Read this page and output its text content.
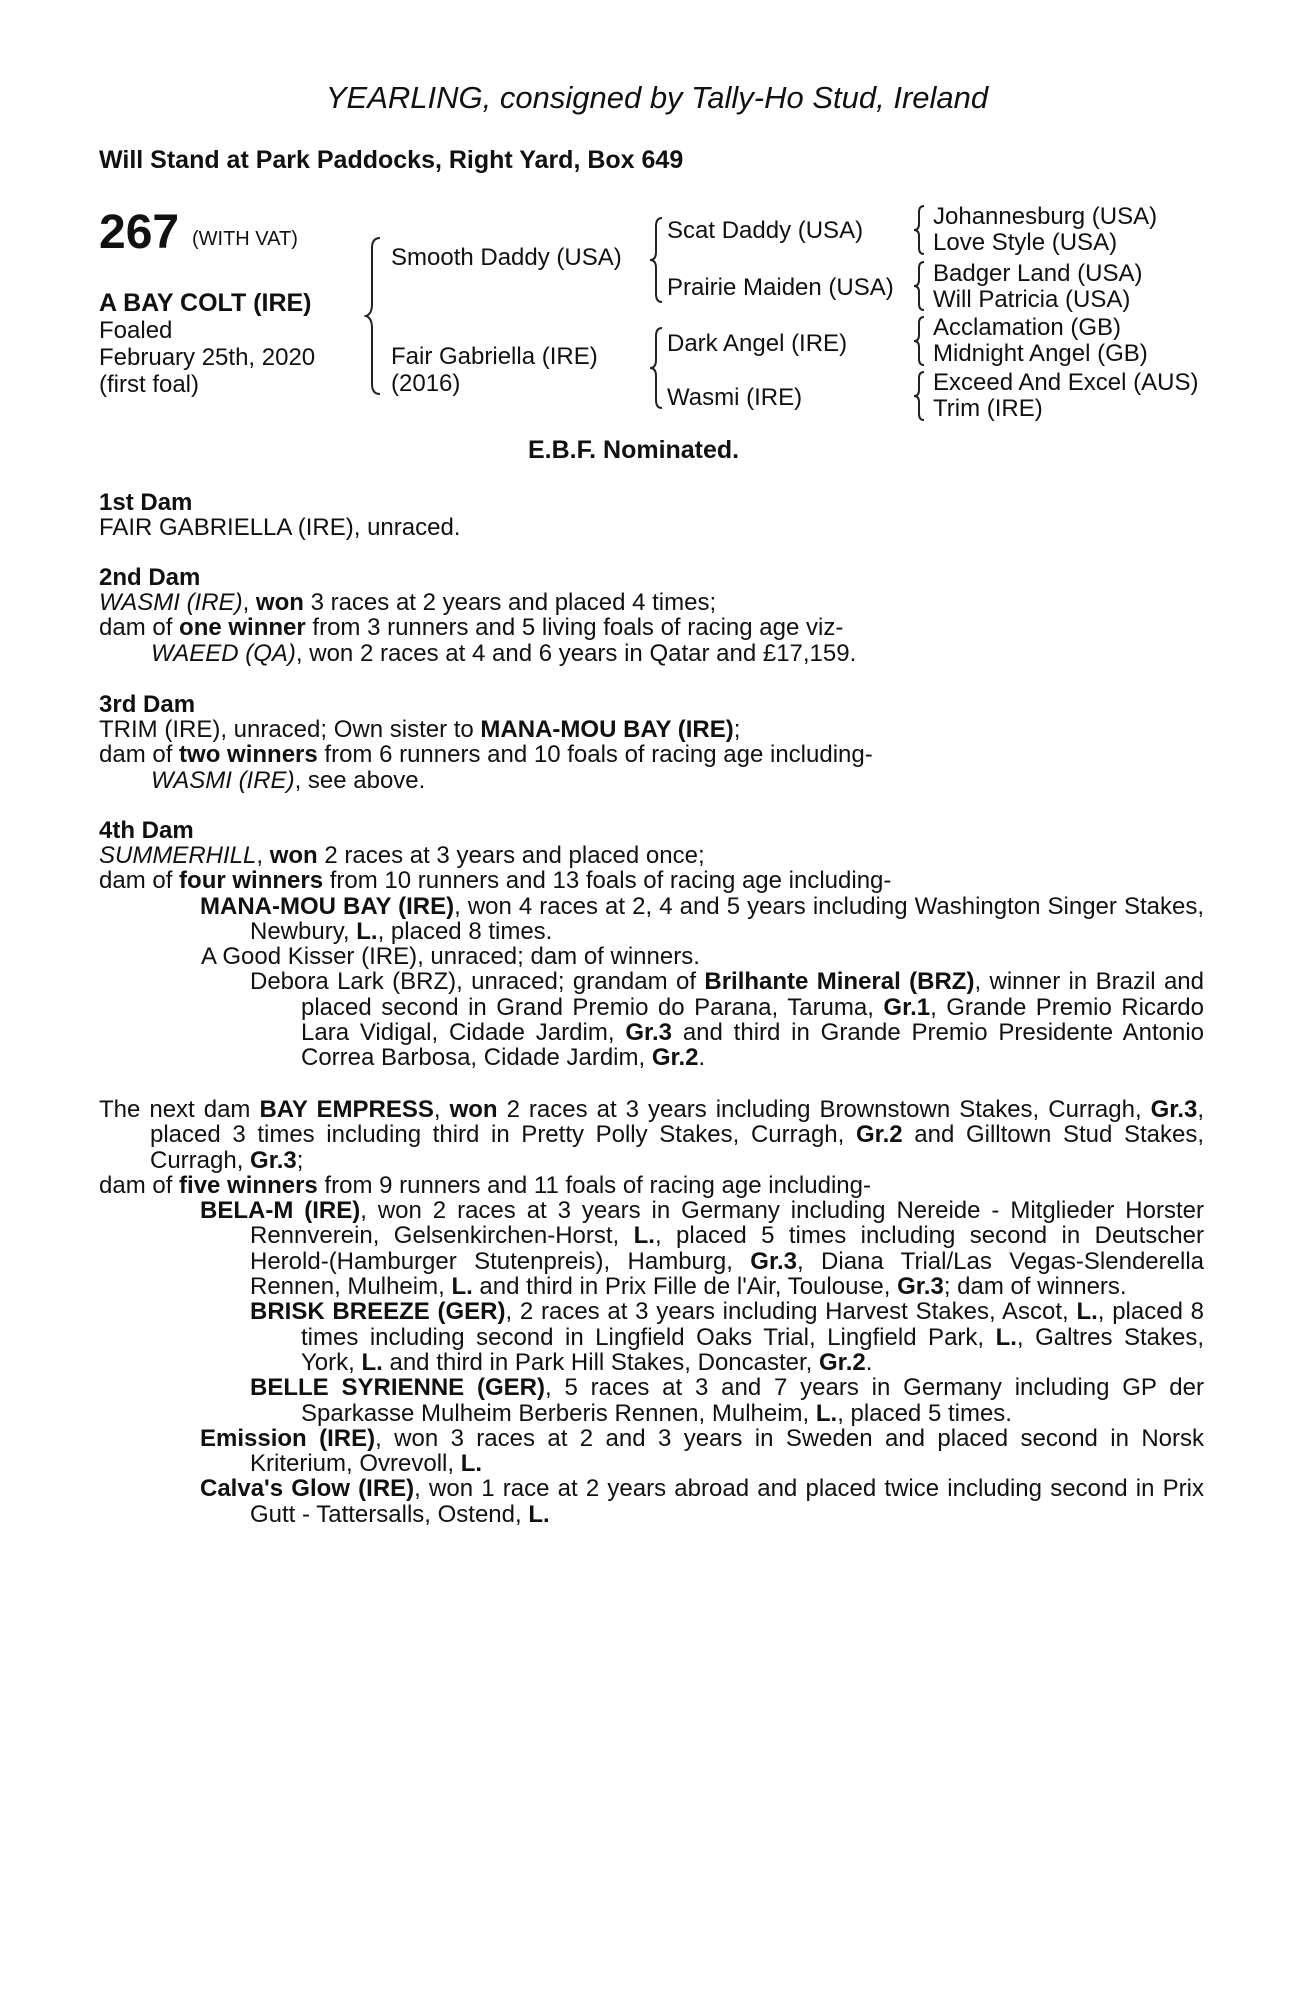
YEARLING, consigned by Tally-Ho Stud, Ireland
Will Stand at Park Paddocks, Right Yard, Box 649
267 (WITH VAT)
A BAY COLT (IRE)
Foaled
February 25th, 2020
(first foal)
Smooth Daddy (USA)
Fair Gabriella (IRE)
(2016)
Scat Daddy (USA)
Prairie Maiden (USA)
Dark Angel (IRE)
Wasmi (IRE)
Johannesburg (USA)
Love Style (USA)
Badger Land (USA)
Will Patricia (USA)
Acclamation (GB)
Midnight Angel (GB)
Exceed And Excel (AUS)
Trim (IRE)
E.B.F. Nominated.
1st Dam
FAIR GABRIELLA (IRE), unraced.
2nd Dam
WASMI (IRE), won 3 races at 2 years and placed 4 times;
dam of one winner from 3 runners and 5 living foals of racing age viz-
WAEED (QA), won 2 races at 4 and 6 years in Qatar and £17,159.
3rd Dam
TRIM (IRE), unraced; Own sister to MANA-MOU BAY (IRE);
dam of two winners from 6 runners and 10 foals of racing age including-
WASMI (IRE), see above.
4th Dam
SUMMERHILL, won 2 races at 3 years and placed once;
dam of four winners from 10 runners and 13 foals of racing age including-
MANA-MOU BAY (IRE), won 4 races at 2, 4 and 5 years including Washington Singer Stakes, Newbury, L., placed 8 times.
A Good Kisser (IRE), unraced; dam of winners.
Debora Lark (BRZ), unraced; grandam of Brilhante Mineral (BRZ), winner in Brazil and placed second in Grand Premio do Parana, Taruma, Gr.1, Grande Premio Ricardo Lara Vidigal, Cidade Jardim, Gr.3 and third in Grande Premio Presidente Antonio Correa Barbosa, Cidade Jardim, Gr.2.
The next dam BAY EMPRESS, won 2 races at 3 years including Brownstown Stakes, Curragh, Gr.3, placed 3 times including third in Pretty Polly Stakes, Curragh, Gr.2 and Gilltown Stud Stakes, Curragh, Gr.3;
dam of five winners from 9 runners and 11 foals of racing age including-
BELA-M (IRE), won 2 races at 3 years in Germany including Nereide - Mitglieder Horster Rennverein, Gelsenkirchen-Horst, L., placed 5 times including second in Deutscher Herold-(Hamburger Stutenpreis), Hamburg, Gr.3, Diana Trial/Las Vegas-Slenderella Rennen, Mulheim, L. and third in Prix Fille de l'Air, Toulouse, Gr.3; dam of winners.
BRISK BREEZE (GER), 2 races at 3 years including Harvest Stakes, Ascot, L., placed 8 times including second in Lingfield Oaks Trial, Lingfield Park, L., Galtres Stakes, York, L. and third in Park Hill Stakes, Doncaster, Gr.2.
BELLE SYRIENNE (GER), 5 races at 3 and 7 years in Germany including GP der Sparkasse Mulheim Berberis Rennen, Mulheim, L., placed 5 times.
Emission (IRE), won 3 races at 2 and 3 years in Sweden and placed second in Norsk Kriterium, Ovrevoll, L.
Calva's Glow (IRE), won 1 race at 2 years abroad and placed twice including second in Prix Gutt - Tattersalls, Ostend, L.
